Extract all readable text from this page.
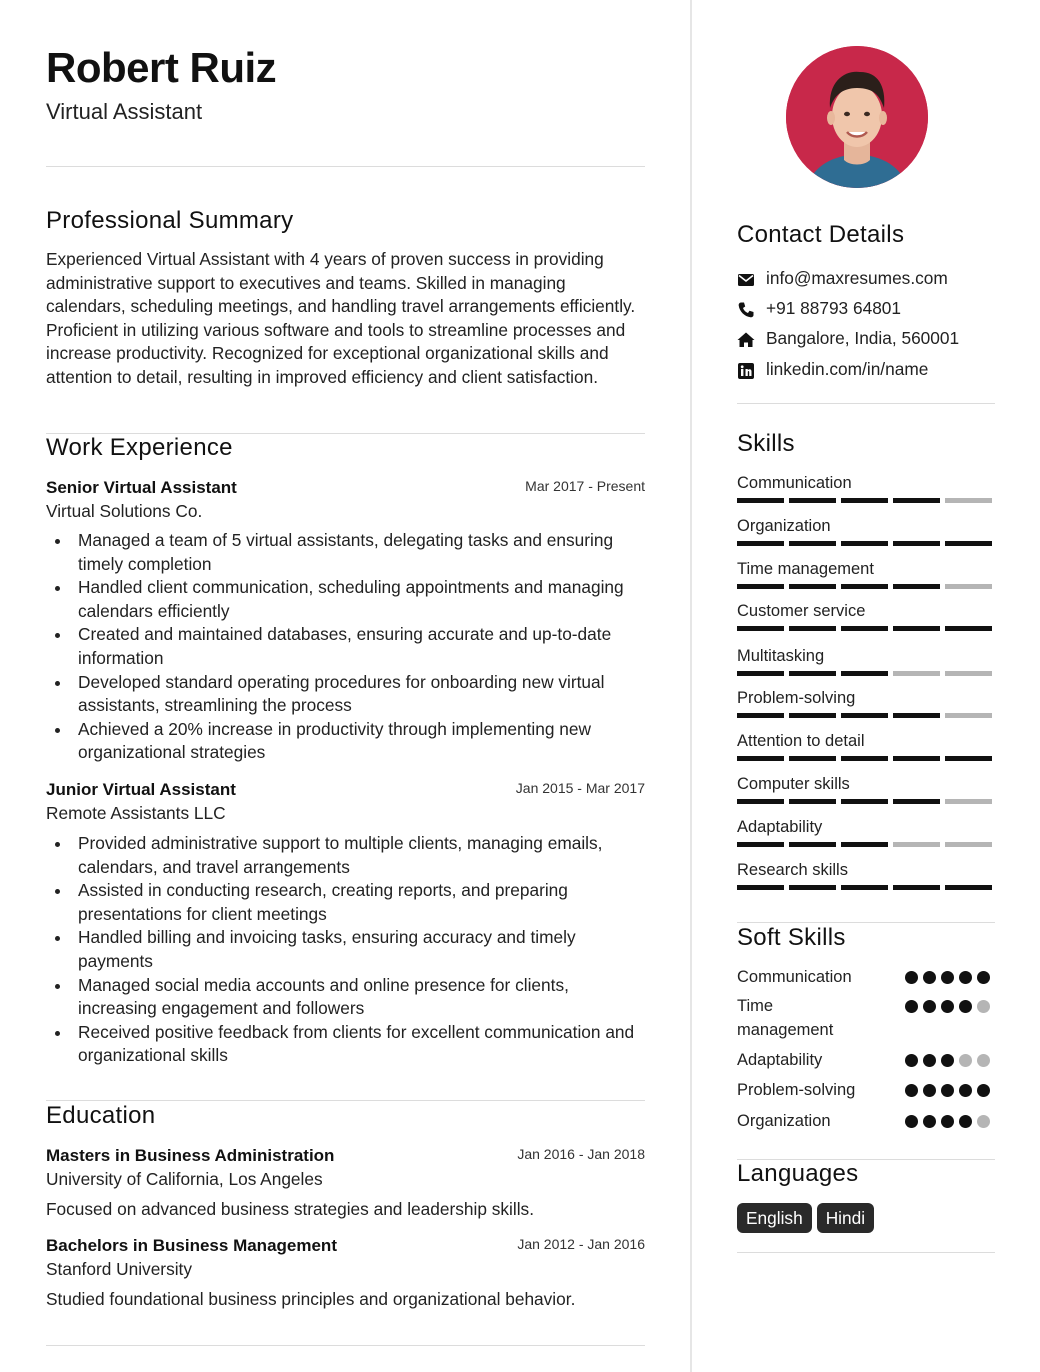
Robert Ruiz
Virtual Assistant
Professional Summary
Experienced Virtual Assistant with 4 years of proven success in providing administrative support to executives and teams. Skilled in managing calendars, scheduling meetings, and handling travel arrangements efficiently. Proficient in utilizing various software and tools to streamline processes and increase productivity. Recognized for exceptional organizational skills and attention to detail, resulting in improved efficiency and client satisfaction.
Work Experience
Senior Virtual Assistant	Mar 2017 - Present
Virtual Solutions Co.
Managed a team of 5 virtual assistants, delegating tasks and ensuring timely completion
Handled client communication, scheduling appointments and managing calendars efficiently
Created and maintained databases, ensuring accurate and up-to-date information
Developed standard operating procedures for onboarding new virtual assistants, streamlining the process
Achieved a 20% increase in productivity through implementing new organizational strategies
Junior Virtual Assistant	Jan 2015 - Mar 2017
Remote Assistants LLC
Provided administrative support to multiple clients, managing emails, calendars, and travel arrangements
Assisted in conducting research, creating reports, and preparing presentations for client meetings
Handled billing and invoicing tasks, ensuring accuracy and timely payments
Managed social media accounts and online presence for clients, increasing engagement and followers
Received positive feedback from clients for excellent communication and organizational skills
Education
Masters in Business Administration	Jan 2016 - Jan 2018
University of California, Los Angeles
Focused on advanced business strategies and leadership skills.
Bachelors in Business Management	Jan 2012 - Jan 2016
Stanford University
Studied foundational business principles and organizational behavior.
Contact Details
info@maxresumes.com
+91 88793 64801
Bangalore, India, 560001
linkedin.com/in/name
Skills
Communication
Organization
Time management
Customer service
Multitasking
Problem-solving
Attention to detail
Computer skills
Adaptability
Research skills
Soft Skills
Communication
Time management
Adaptability
Problem-solving
Organization
Languages
English Hindi
